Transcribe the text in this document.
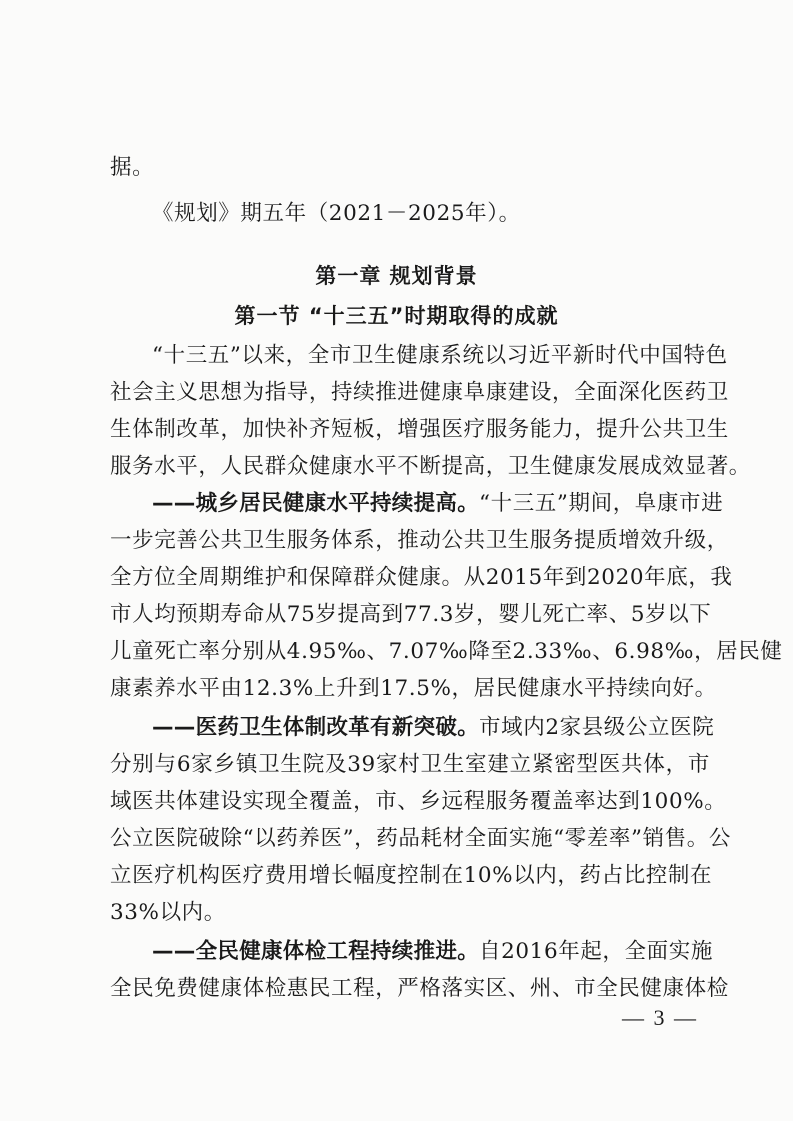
据。
《规划》期五年（2021－2025年）。
第一章 规划背景
第一节 “十三五”时期取得的成就
“十三五”以来，全市卫生健康系统以习近平新时代中国特色
社会主义思想为指导，持续推进健康阜康建设，全面深化医药卫
生体制改革，加快补齐短板，增强医疗服务能力，提升公共卫生
服务水平，人民群众健康水平不断提高，卫生健康发展成效显著。
——城乡居民健康水平持续提高。“十三五”期间，阜康市进
一步完善公共卫生服务体系，推动公共卫生服务提质增效升级，
全方位全周期维护和保障群众健康。从2015年到2020年底，我
市人均预期寿命从75岁提高到77.3岁，婴儿死亡率、5岁以下
儿童死亡率分别从4.95‰、7.07‰降至2.33‰、6.98‰，居民健
康素养水平由12.3%上升到17.5%，居民健康水平持续向好。
——医药卫生体制改革有新突破。市域内2家县级公立医院
分别与6家乡镇卫生院及39家村卫生室建立紧密型医共体，市
域医共体建设实现全覆盖，市、乡远程服务覆盖率达到100%。
公立医院破除“以药养医”，药品耗材全面实施“零差率”销售。公
立医疗机构医疗费用增长幅度控制在10%以内，药占比控制在
33%以内。
——全民健康体检工程持续推进。自2016年起，全面实施
全民免费健康体检惠民工程，严格落实区、州、市全民健康体检
— 3 —
